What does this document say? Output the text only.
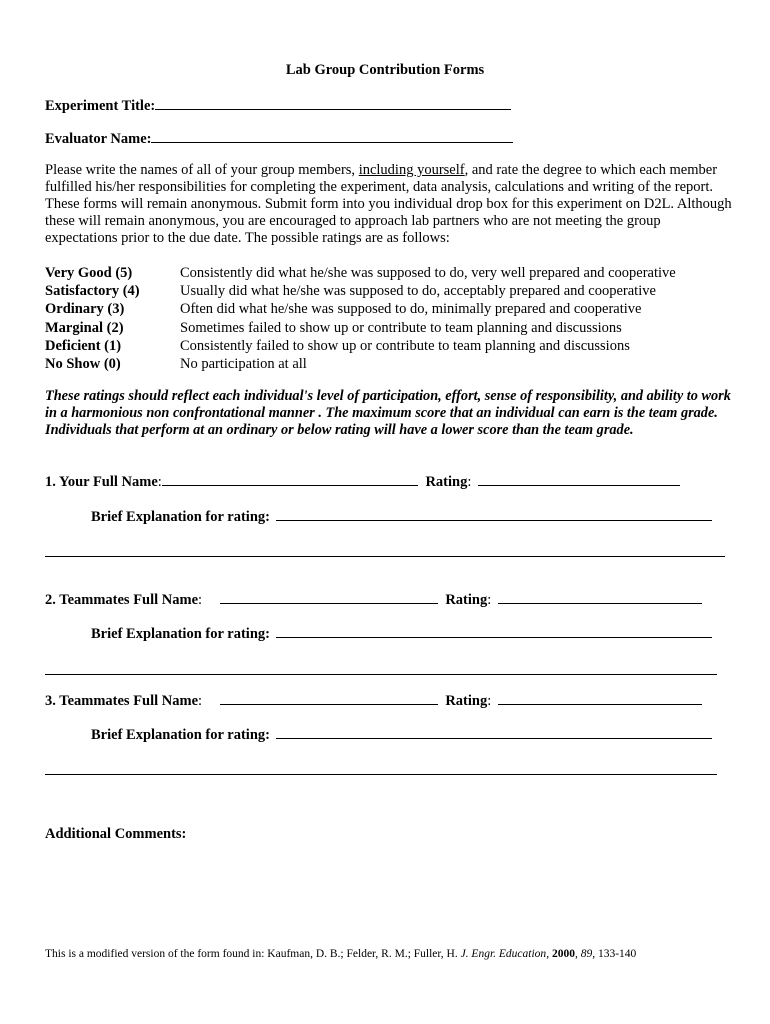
Lab Group Contribution Forms
Experiment Title:
Evaluator Name:
Please write the names of all of your group members, including yourself, and rate the degree to which each member fulfilled his/her responsibilities for completing the experiment, data analysis, calculations and writing of the report. These forms will remain anonymous. Submit form into you individual drop box for this experiment on D2L. Although these will remain anonymous, you are encouraged to approach lab partners who are not meeting the group expectations prior to the due date. The possible ratings are as follows:
Very Good (5)	Consistently did what he/she was supposed to do, very well prepared and cooperative
Satisfactory (4)	Usually did what he/she was supposed to do, acceptably prepared and cooperative
Ordinary (3)	Often did what he/she was supposed to do, minimally prepared and cooperative
Marginal (2)	Sometimes failed to show up or contribute to team planning and discussions
Deficient (1)	Consistently failed to show up or contribute to team planning and discussions
No Show (0)	No participation at all
These ratings should reflect each individual's level of participation, effort, sense of responsibility, and ability to work in a harmonious non confrontational manner . The maximum score that an individual can earn is the team grade. Individuals that perform at an ordinary or below rating will have a lower score than the team grade.
1. Your Full Name:	Rating:
Brief Explanation for rating:
2. Teammates Full Name:	Rating:
Brief Explanation for rating:
3. Teammates Full Name:	Rating:
Brief Explanation for rating:
Additional Comments:
This is a modified version of the form found in: Kaufman, D. B.; Felder, R. M.; Fuller, H. J. Engr. Education, 2000, 89, 133-140
